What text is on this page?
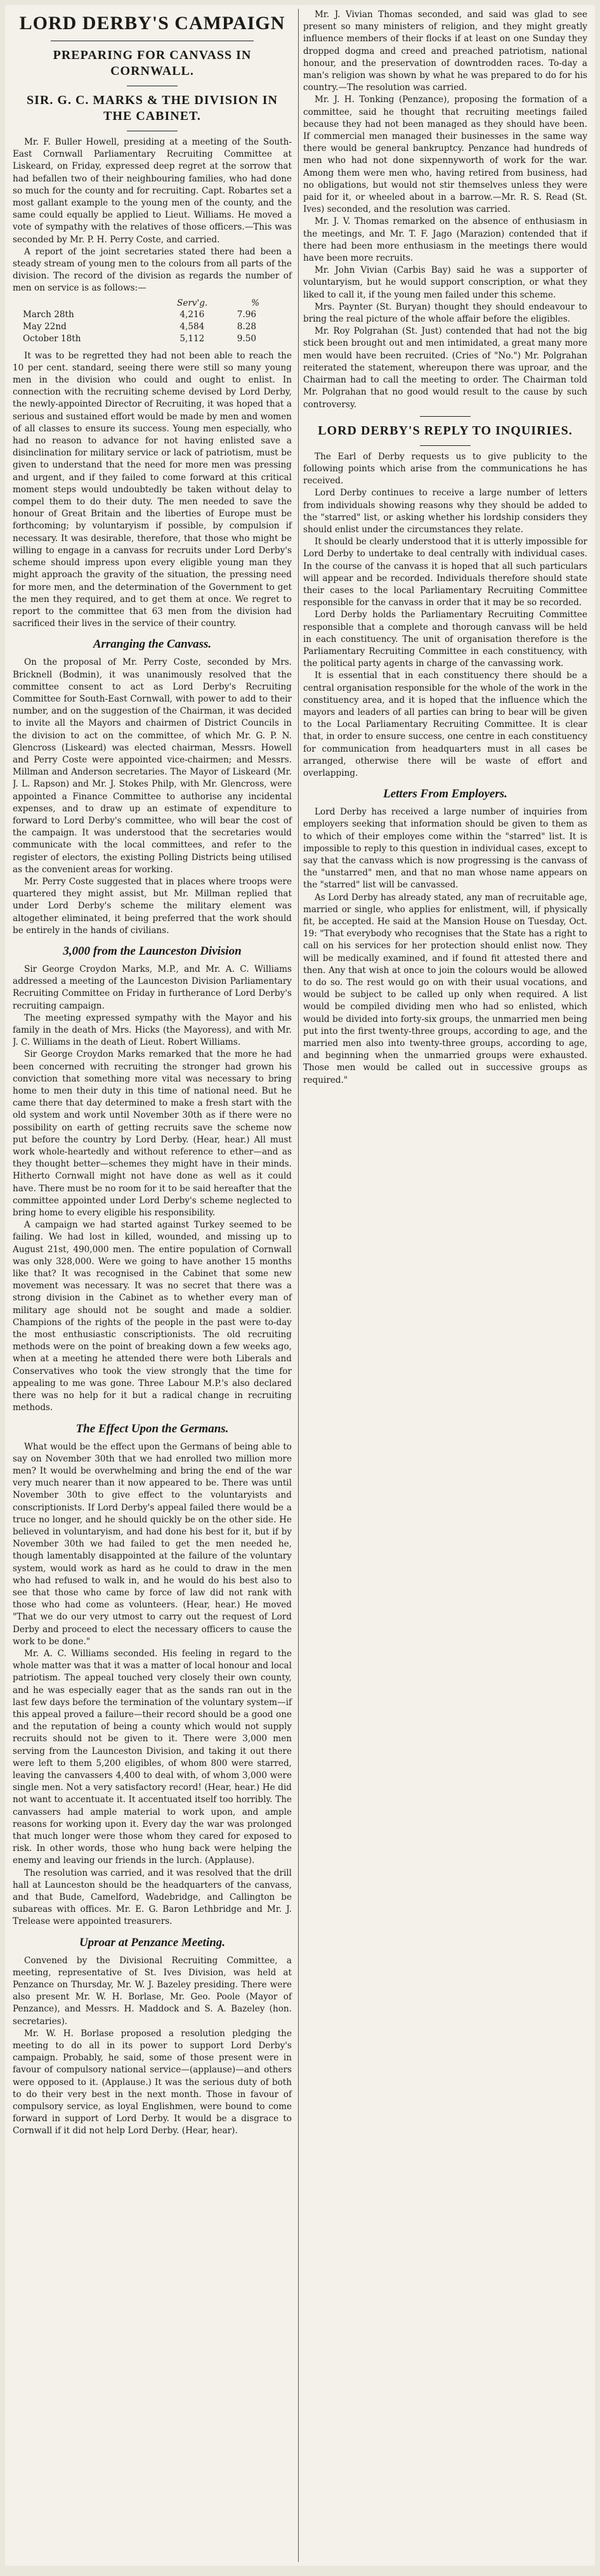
LORD DERBY'S CAMPAIGN
PREPARING FOR CANVASS IN CORNWALL.
SIR. G. C. MARKS & THE DIVISION IN THE CABINET.

Mr. F. Buller Howell, presiding at a meeting of the South-East Cornwall Parliamentary Recruiting Committee at Liskeard, on Friday, expressed deep regret at the sorrow that had befallen two of their neighbouring families, who had done so much for the county and for recruiting. Capt. Robartes set a most gallant example to the young men of the county, and the same could equally be applied to Lieut. Williams. He moved a vote of sympathy with the relatives of those officers.—This was seconded by Mr. P. H. Perry Coste, and carried.

A report of the joint secretaries stated there had been a steady stream of young men to the colours from all parts of the division. The record of the division as regards the number of men on service is as follows:—

	Serv'g.	%
March 28th	4,216	7.96
May 22nd	4,584	8.28
October 18th	5,112	9.50

It was to be regretted they had not been able to reach the 10 per cent. standard, seeing there were still so many young men in the division who could and ought to enlist. In connection with the recruiting scheme devised by Lord Derby, the newly-appointed Director of Recruiting, it was hoped that a serious and sustained effort would be made by men and women of all classes to ensure its success. Young men especially, who had no reason to advance for not having enlisted save a disinclination for military service or lack of patriotism, must be given to understand that the need for more men was pressing and urgent, and if they failed to come forward at this critical moment steps would undoubtedly be taken without delay to compel them to do their duty. The men needed to save the honour of Great Britain and the liberties of Europe must be forthcoming; by voluntaryism if possible, by compulsion if necessary. It was desirable, therefore, that those who might be willing to engage in a canvass for recruits under Lord Derby's scheme should impress upon every eligible young man they might approach the gravity of the situation, the pressing need for more men, and the determination of the Government to get the men they required, and to get them at once. We regret to report to the committee that 63 men from the division had sacrificed their lives in the service of their country.

Arranging the Canvass.

On the proposal of Mr. Perry Coste, seconded by Mrs. Bricknell (Bodmin), it was unanimously resolved that the committee consent to act as Lord Derby's Recruiting Committee for South-East Cornwall, with power to add to their number, and on the suggestion of the Chairman, it was decided to invite all the Mayors and chairmen of District Councils in the division to act on the committee, of which Mr. G. P. N. Glencross (Liskeard) was elected chairman, Messrs. Howell and Perry Coste were appointed vice-chairmen; and Messrs. Millman and Anderson secretaries. The Mayor of Liskeard (Mr. J. L. Rapson) and Mr. J. Stokes Philp, with Mr. Glencross, were appointed a Finance Committee to authorise any incidental expenses, and to draw up an estimate of expenditure to forward to Lord Derby's committee, who will bear the cost of the campaign. It was understood that the secretaries would communicate with the local committees, and refer to the register of electors, the existing Polling Districts being utilised as the convenient areas for working.

Mr. Perry Coste suggested that in places where troops were quartered they might assist, but Mr. Millman replied that under Lord Derby's scheme the military element was altogether eliminated, it being preferred that the work should be entirely in the hands of civilians.

3,000 from the Launceston Division

Sir George Croydon Marks, M.P., and Mr. A. C. Williams addressed a meeting of the Launceston Division Parliamentary Recruiting Committee on Friday in furtherance of Lord Derby's recruiting campaign.

The meeting expressed sympathy with the Mayor and his family in the death of Mrs. Hicks (the Mayoress), and with Mr. J. C. Williams in the death of Lieut. Robert Williams.

Sir George Croydon Marks remarked that the more he had been concerned with recruiting the stronger had grown his conviction that something more vital was necessary to bring home to men their duty in this time of national need. But he came there that day determined to make a fresh start with the old system and work until November 30th as if there were no possibility on earth of getting recruits save the scheme now put before the country by Lord Derby. (Hear, hear.) All must work whole-heartedly and without reference to ether—and as they thought better—schemes they might have in their minds. Hitherto Cornwall might not have done as well as it could have. There must be no room for it to be said hereafter that the committee appointed under Lord Derby's scheme neglected to bring home to every eligible his responsibility.

A campaign we had started against Turkey seemed to be failing. We had lost in killed, wounded, and missing up to August 21st, 490,000 men. The entire population of Cornwall was only 328,000. Were we going to have another 15 months like that? It was recognised in the Cabinet that some new movement was necessary. It was no secret that there was a strong division in the Cabinet as to whether every man of military age should not be sought and made a soldier. Champions of the rights of the people in the past were to-day the most enthusiastic conscriptionists. The old recruiting methods were on the point of breaking down a few weeks ago, when at a meeting he attended there were both Liberals and Conservatives who took the view strongly that the time for appealing to me was gone. Three Labour M.P.'s also declared there was no help for it but a radical change in recruiting methods.

The Effect Upon the Germans.

What would be the effect upon the Germans of being able to say on November 30th that we had enrolled two million more men? It would be overwhelming and bring the end of the war very much nearer than it now appeared to be. There was until November 30th to give effect to the voluntaryists and conscriptionists. If Lord Derby's appeal failed there would be a truce no longer, and he should quickly be on the other side. He believed in voluntaryism, and had done his best for it, but if by November 30th we had failed to get the men needed he, though lamentably disappointed at the failure of the voluntary system, would work as hard as he could to draw in the men who had refused to walk in, and he would do his best also to see that those who came by force of law did not rank with those who had come as volunteers. (Hear, hear.) He moved "That we do our very utmost to carry out the request of Lord Derby and proceed to elect the necessary officers to cause the work to be done."

Mr. A. C. Williams seconded. His feeling in regard to the whole matter was that it was a matter of local honour and local patriotism. The appeal touched very closely their own county, and he was especially eager that as the sands ran out in the last few days before the termination of the voluntary system—if this appeal proved a failure—their record should be a good one and the reputation of being a county which would not supply recruits should not be given to it. There were 3,000 men serving from the Launceston Division, and taking it out there were left to them 5,200 eligibles, of whom 800 were starred, leaving the canvassers 4,400 to deal with, of whom 3,000 were single men. Not a very satisfactory record! (Hear, hear.) He did not want to accentuate it. It accentuated itself too horribly. The canvassers had ample material to work upon, and ample reasons for working upon it. Every day the war was prolonged that much longer were those whom they cared for exposed to risk. In other words, those who hung back were helping the enemy and leaving our friends in the lurch. (Applause).

The resolution was carried, and it was resolved that the drill hall at Launceston should be the headquarters of the canvass, and that Bude, Camelford, Wadebridge, and Callington be subareas with offices. Mr. E. G. Baron Lethbridge and Mr. J. Trelease were appointed treasurers.

Uproar at Penzance Meeting.

Convened by the Divisional Recruiting Committee, a meeting, representative of St. Ives Division, was held at Penzance on Thursday, Mr. W. J. Bazeley presiding. There were also present Mr. W. H. Borlase, Mr. Geo. Poole (Mayor of Penzance), and Messrs. H. Maddock and S. A. Bazeley (hon. secretaries).

Mr. W. H. Borlase proposed a resolution pledging the meeting to do all in its power to support Lord Derby's campaign. Probably, he said, some of those present were in favour of compulsory national service—(applause)—and others were opposed to it. (Applause.) It was the serious duty of both to do their very best in the next month. Those in favour of compulsory service, as loyal Englishmen, were bound to come forward in support of Lord Derby. It would be a disgrace to Cornwall if it did not help Lord Derby. (Hear, hear).

Mr. J. Vivian Thomas seconded, and said was glad to see present so many ministers of religion, and they might greatly influence members of their flocks if at least on one Sunday they dropped dogma and creed and preached patriotism, national honour, and the preservation of downtrodden races. To-day a man's religion was shown by what he was prepared to do for his country.—The resolution was carried.

Mr. J. H. Tonking (Penzance), proposing the formation of a committee, said he thought that recruiting meetings failed because they had not been managed as they should have been. If commercial men managed their businesses in the same way there would be general bankruptcy. Penzance had hundreds of men who had not done sixpennyworth of work for the war. Among them were men who, having retired from business, had no obligations, but would not stir themselves unless they were paid for it, or wheeled about in a barrow.—Mr. R. S. Read (St. Ives) seconded, and the resolution was carried.

Mr. J. V. Thomas remarked on the absence of enthusiasm in the meetings, and Mr. T. F. Jago (Marazion) contended that if there had been more enthusiasm in the meetings there would have been more recruits.

Mr. John Vivian (Carbis Bay) said he was a supporter of voluntaryism, but he would support conscription, or what they liked to call it, if the young men failed under this scheme.

Mrs. Paynter (St. Buryan) thought they should endeavour to bring the real picture of the whole affair before the eligibles.

Mr. Roy Polgrahan (St. Just) contended that had not the big stick been brought out and men intimidated, a great many more men would have been recruited. (Cries of "No.") Mr. Polgrahan reiterated the statement, whereupon there was uproar, and the Chairman had to call the meeting to order. The Chairman told Mr. Polgrahan that no good would result to the cause by such controversy.

LORD DERBY'S REPLY TO INQUIRIES.

The Earl of Derby requests us to give publicity to the following points which arise from the communications he has received.

Lord Derby continues to receive a large number of letters from individuals showing reasons why they should be added to the "starred" list, or asking whether his lordship considers they should enlist under the circumstances they relate.

It should be clearly understood that it is utterly impossible for Lord Derby to undertake to deal centrally with individual cases. In the course of the canvass it is hoped that all such particulars will appear and be recorded. Individuals therefore should state their cases to the local Parliamentary Recruiting Committee responsible for the canvass in order that it may be so recorded.

Lord Derby holds the Parliamentary Recruiting Committee responsible that a complete and thorough canvass will be held in each constituency. The unit of organisation therefore is the Parliamentary Recruiting Committee in each constituency, with the political party agents in charge of the canvassing work.

It is essential that in each constituency there should be a central organisation responsible for the whole of the work in the constituency area, and it is hoped that the influence which the mayors and leaders of all parties can bring to bear will be given to the Local Parliamentary Recruiting Committee. It is clear that, in order to ensure success, one centre in each constituency for communication from headquarters must in all cases be arranged, otherwise there will be waste of effort and overlapping.

Letters From Employers.

Lord Derby has received a large number of inquiries from employers seeking that information should be given to them as to which of their employes come within the "starred" list. It is impossible to reply to this question in individual cases, except to say that the canvass which is now progressing is the canvass of the "unstarred" men, and that no man whose name appears on the "starred" list will be canvassed.

As Lord Derby has already stated, any man of recruitable age, married or single, who applies for enlistment, will, if physically fit, be accepted. He said at the Mansion House on Tuesday, Oct. 19: "That everybody who recognises that the State has a right to call on his services for her protection should enlist now. They will be medically examined, and if found fit attested there and then. Any that wish at once to join the colours would be allowed to do so. The rest would go on with their usual vocations, and would be subject to be called up only when required. A list would be compiled dividing men who had so enlisted, which would be divided into forty-six groups, the unmarried men being put into the first twenty-three groups, according to age, and the married men also into twenty-three groups, according to age, and beginning when the unmarried groups were exhausted. Those men would be called out in successive groups as required."
